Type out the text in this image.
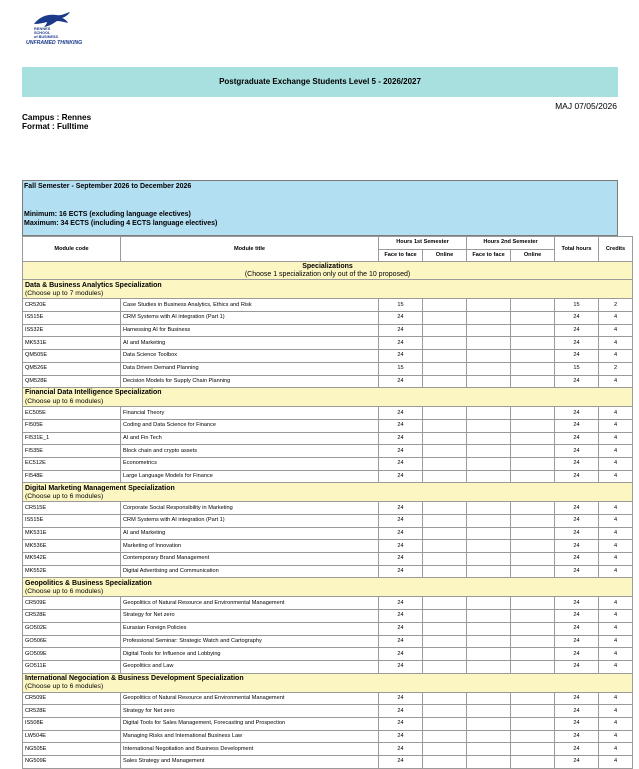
RENNES
SCHOOL
of BUSINESS
UNFRAMED THINKING
Postgraduate Exchange Students Level 5 - 2026/2027
MAJ 07/05/2026
Campus : Rennes
Format : Fulltime
Fall Semester - September 2026 to December 2026
Minimum: 16 ECTS (excluding language electives)
Maximum: 34 ECTS (including 4 ECTS language electives)
Module code	Module title	Hours 1st Semester		Hours 2nd Semester		Total hours	Credits
		Face to face	Online	Face to face	Online		

Specializations
(Choose 1 specialization only out of the 10 proposed)							

Data & Business Analytics Specialization							
(Choose up to 7 modules)							
CR520E	Case Studies in Business Analytics, Ethics and Risk	15				15	2
IS515E	CRM Systems with AI integration (Part 1)	24				24	4
IS532E	Harnessing AI for Business	24				24	4
MK531E	AI and Marketing	24				24	4
QM505E	Data Science Toolbox	24				24	4
QM526E	Data Driven Demand Planning	15				15	2
QM528E	Decision Models for Supply Chain Planning	24				24	4
Financial Data Intelligence Specialization							
(Choose up to 6 modules)							
EC505E	Financial Theory	24				24	4
FI505E	Coding and Data Science for Finance	24				24	4
FI531E_1	AI and Fin Tech	24				24	4
FI535E	Block chain and crypto assets	24				24	4
EC512E	Econometrics	24				24	4
FI548E	Large Language Models for Finance	24				24	4
Digital Marketing Management Specialization							
(Choose up to 6 modules)							
CR515E	Corporate Social Responsibility in Marketing	24				24	4
IS515E	CRM Systems with AI integration (Part 1)	24				24	4
MK531E	AI and Marketing	24				24	4
MK536E	Marketing of Innovation	24				24	4
MK542E	Contemporary Brand Management	24				24	4
MK552E	Digital Advertising and Communication	24				24	4
Geopolitics & Business Specialization							
(Choose up to 6 modules)							
CR509E	Geopolitics of Natural Resource and Environmental Management	24				24	4
CR528E	Strategy for Net zero	24				24	4
GO502E	Eurasian Foreign Policies	24				24	4
GO506E	Professional Seminar: Strategic Watch and Cartography	24				24	4
GO509E	Digital Tools for Influence and Lobbying	24				24	4
GO511E	Geopolitics and Law	24				24	4
International Negociation & Business Development Specialization							
(Choose up to 6 modules)							
CR509E	Geopolitics of Natural Resource and Environmental Management	24				24	4
CR528E	Strategy for Net zero	24				24	4
IS508E	Digital Tools for Sales Management, Forecasting and Prospection	24				24	4
LW504E	Managing Risks and International Business Law	24				24	4
NG505E	International Negotiation and Business Development	24				24	4
NG509E	Sales Strategy and Management	24				24	4
